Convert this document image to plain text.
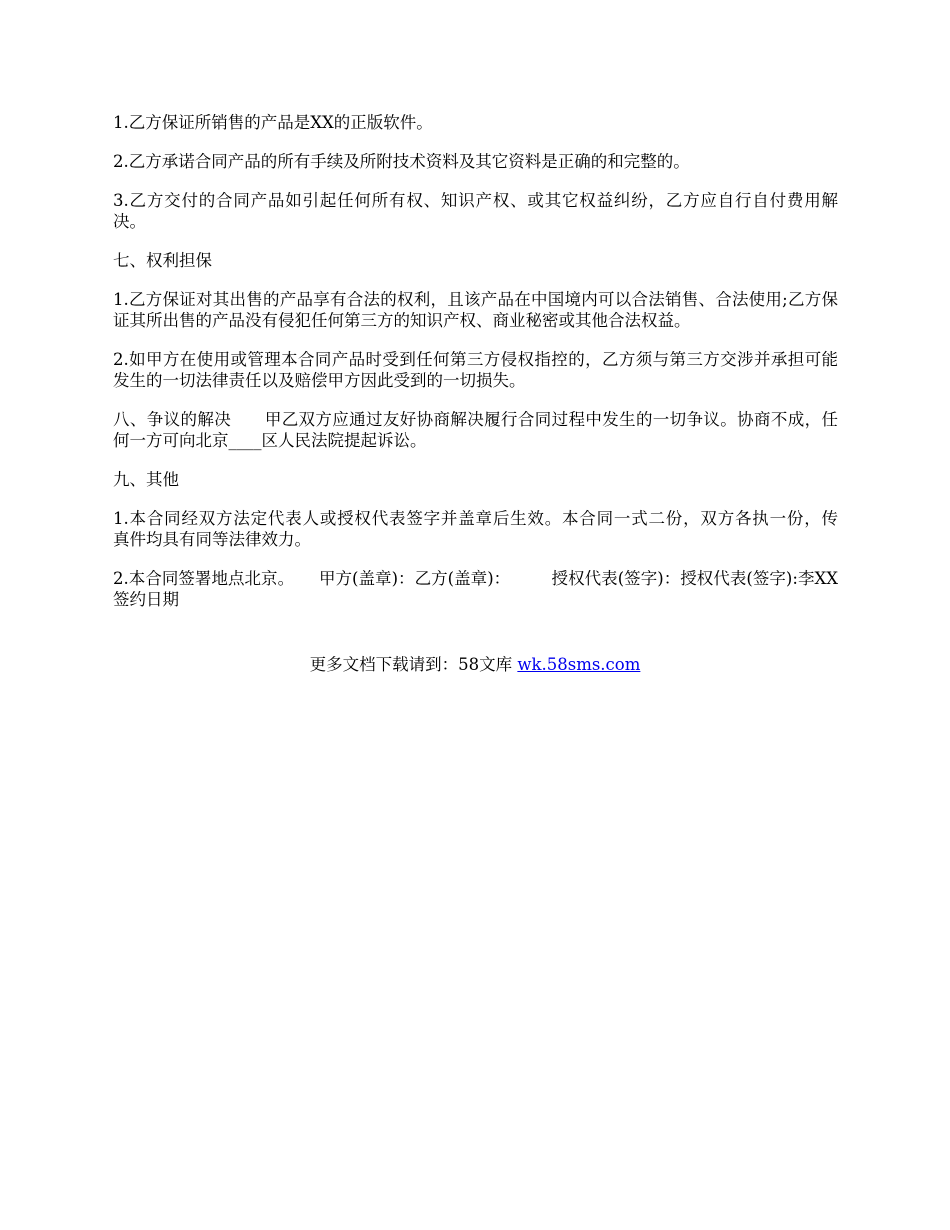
1.乙方保证所销售的产品是XX的正版软件。

2.乙方承诺合同产品的所有手续及所附技术资料及其它资料是正确的和完整的。

3.乙方交付的合同产品如引起任何所有权、知识产权、或其它权益纠纷，乙方应自行自付费用解决。

七、权利担保

1.乙方保证对其出售的产品享有合法的权利，且该产品在中国境内可以合法销售、合法使用;乙方保证其所出售的产品没有侵犯任何第三方的知识产权、商业秘密或其他合法权益。

2.如甲方在使用或管理本合同产品时受到任何第三方侵权指控的，乙方须与第三方交涉并承担可能发生的一切法律责任以及赔偿甲方因此受到的一切损失。

八、争议的解决　　甲乙双方应通过友好协商解决履行合同过程中发生的一切争议。协商不成，任何一方可向北京____区人民法院提起诉讼。

九、其他

1.本合同经双方法定代表人或授权代表签字并盖章后生效。本合同一式二份，双方各执一份，传　　真件均具有同等法律效力。

2.本合同签署地点北京。　　甲方(盖章)：乙方(盖章)：　　　授权代表(签字)：授权代表(签字):李XX　　签约日期

更多文档下载请到：58文库 wk.58sms.com
